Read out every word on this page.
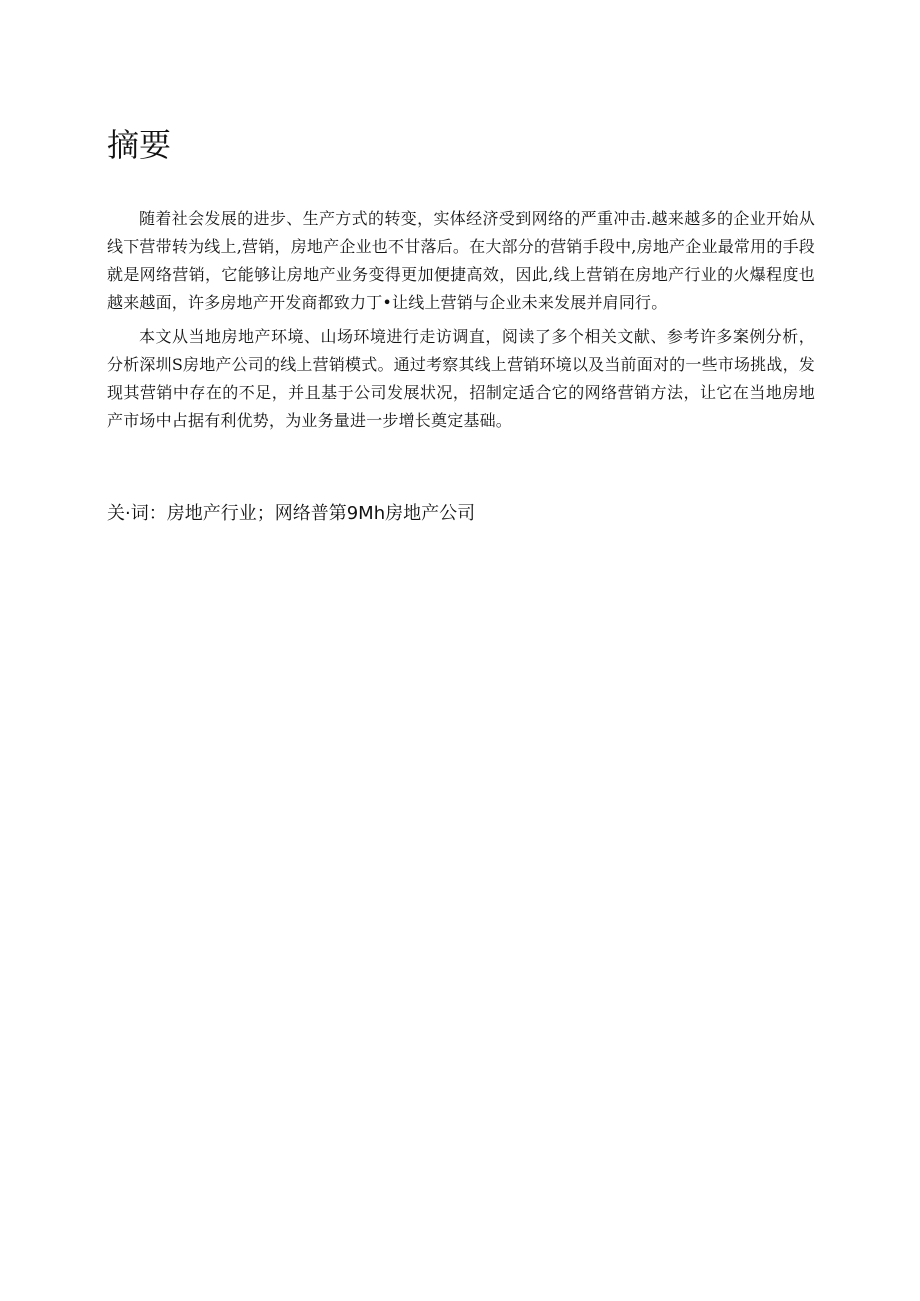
摘要

随着社会发展的进步、生产方式的转变，实体经济受到网络的严重冲击.越来越多的企业开始从线下营带转为线上,营销，房地产企业也不甘落后。在大部分的营销手段中,房地产企业最常用的手段就是网络营销，它能够让房地产业务变得更加便捷高效，因此,线上营销在房地产行业的火爆程度也越来越面，许多房地产开发商都致力丁•让线上营销与企业未来发展并肩同行。

本文从当地房地产环境、山场环境进行走访调直，阅读了多个相关文献、参考许多案例分析，分析深圳S房地产公司的线上营销模式。通过考察其线上营销环境以及当前面对的一些市场挑战，发现其营销中存在的不足，并且基于公司发展状况，招制定适合它的网络营销方法，让它在当地房地产市场中占据有利优势，为业务量进一步增长奠定基础。

关·词：房地产行业；网络普第9Mh房地产公司
